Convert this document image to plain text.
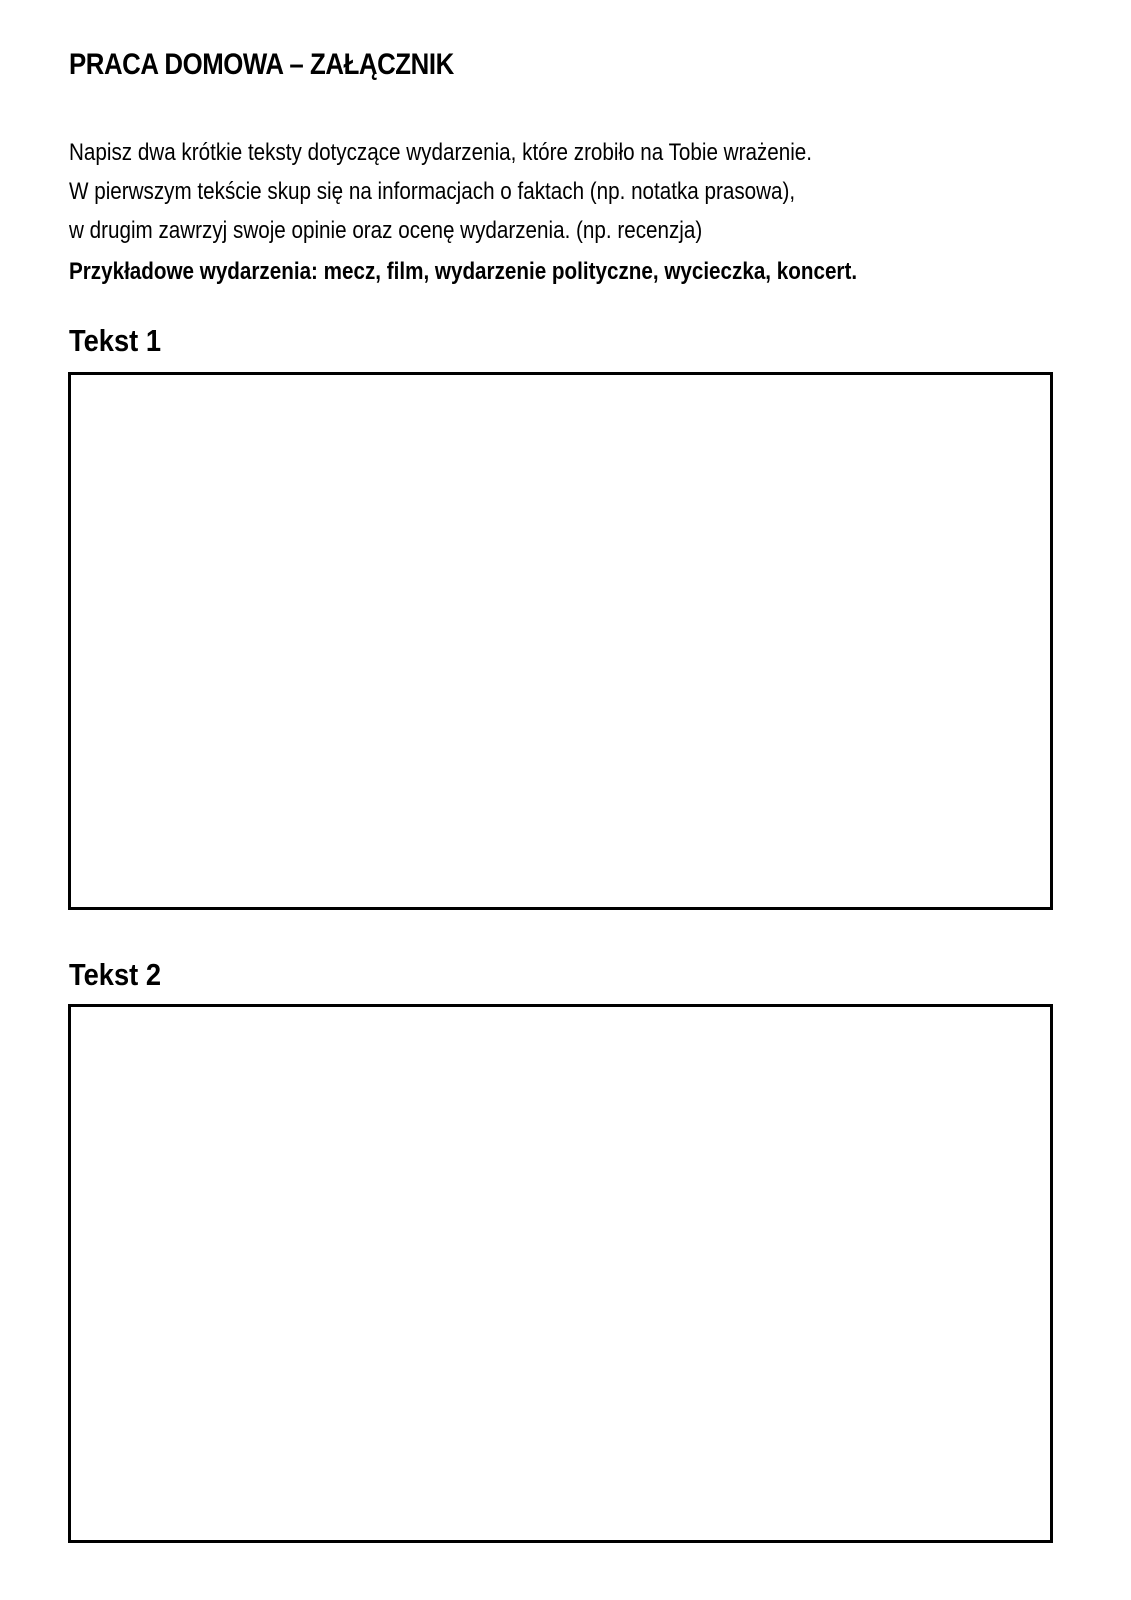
PRACA DOMOWA – ZAŁĄCZNIK
Napisz dwa krótkie teksty dotyczące wydarzenia, które zrobiło na Tobie wrażenie.
W pierwszym tekście skup się na informacjach o faktach (np. notatka prasowa),
w drugim zawrzyj swoje opinie oraz ocenę wydarzenia. (np. recenzja)
Przykładowe wydarzenia: mecz, film, wydarzenie polityczne, wycieczka, koncert.
Tekst 1
Tekst 2
